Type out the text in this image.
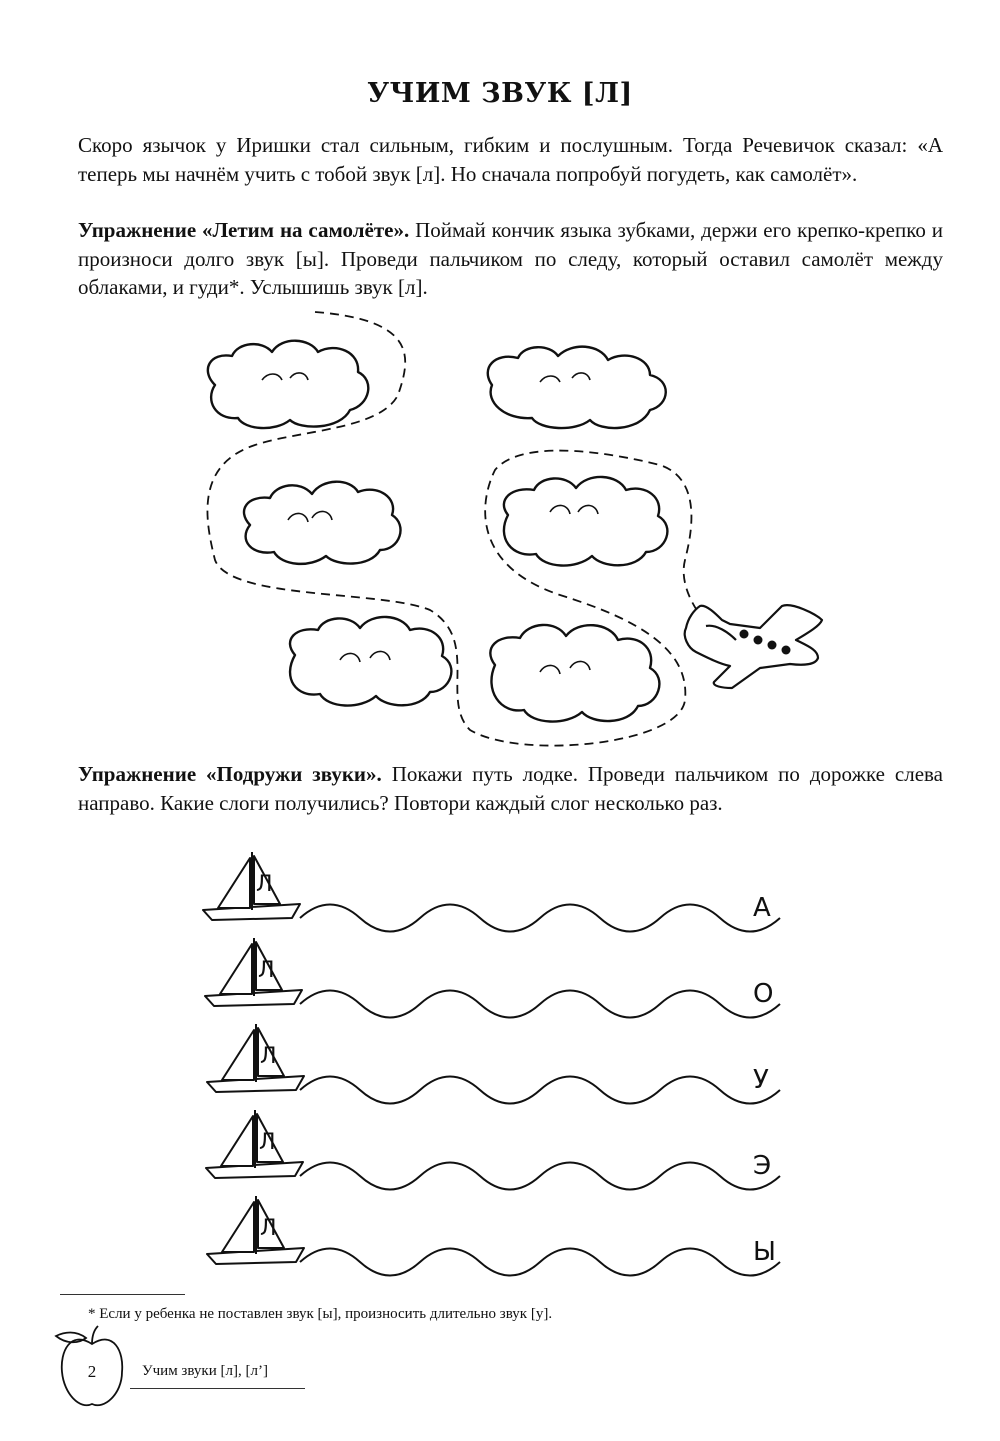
УЧИМ ЗВУК [Л]
Скоро язычок у Иришки стал сильным, гибким и послушным. Тогда Речевичок сказал: «А теперь мы начнём учить с тобой звук [л]. Но сначала попробуй погудеть, как самолёт».
Упражнение «Летим на самолёте». Поймай кончик языка зубками, держи его крепко-крепко и произноси долго звук [ы]. Проведи пальчиком по следу, который оставил самолёт между облаками, и гуди*. Услышишь звук [л].
Упражнение «Подружи звуки». Покажи путь лодке. Проведи пальчиком по дорожке слева направо. Какие слоги получились? Повтори каждый слог несколько раз.
Л
Л
Л
Л
Л
А
О
У
Э
Ы
* Если у ребенка не поставлен звук [ы], произносить длительно звук [у].
2	Учим звуки [л], [л’]
